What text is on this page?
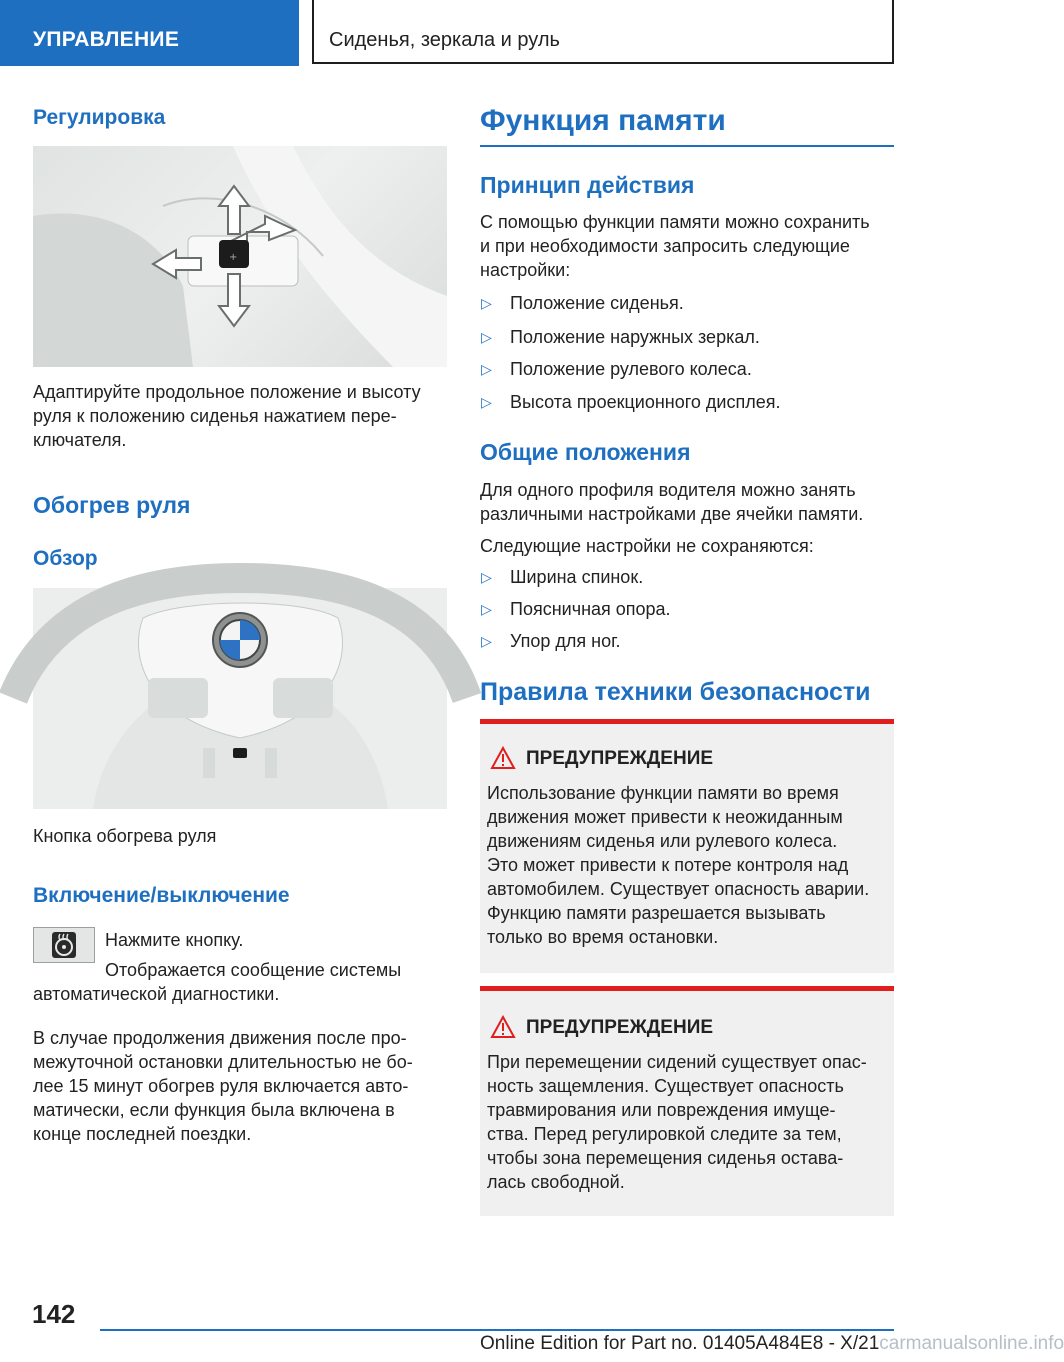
УПРАВЛЕНИЕ	Сиденья, зеркала и руль
Регулировка
+
Адаптируйте продольное положение и высоту
руля к положению сиденья нажатием пере‐
ключателя.
Обогрев руля
Обзор
Кнопка обогрева руля
Включение/выключение
Нажмите кнопку.
Отображается сообщение системы
автоматической диагностики.
В случае продолжения движения после про‐
межуточной остановки длительностью не бо‐
лее 15 минут обогрев руля включается авто‐
матически, если функция была включена в
конце последней поездки.
Функция памяти
Принцип действия
С помощью функции памяти можно сохранить
и при необходимости запросить следующие
настройки:
▷ Положение сиденья.
▷ Положение наружных зеркал.
▷ Положение рулевого колеса.
▷ Высота проекционного дисплея.
Общие положения
Для одного профиля водителя можно занять
различными настройками две ячейки памяти.
Следующие настройки не сохраняются:
▷ Ширина спинок.
▷ Поясничная опора.
▷ Упор для ног.
Правила техники безопасности
ПРЕДУПРЕЖДЕНИЕ
Использование функции памяти во время
движения может привести к неожиданным
движениям сиденья или рулевого колеса.
Это может привести к потере контроля над
автомобилем. Существует опасность аварии.
Функцию памяти разрешается вызывать
только во время остановки.
ПРЕДУПРЕЖДЕНИЕ
При перемещении сидений существует опас‐
ность защемления. Существует опасность
травмирования или повреждения имуще‐
ства. Перед регулировкой следите за тем,
чтобы зона перемещения сиденья остава‐
лась свободной.
142
Online Edition for Part no. 01405A484E8 - X/21carmanualsonline.info
